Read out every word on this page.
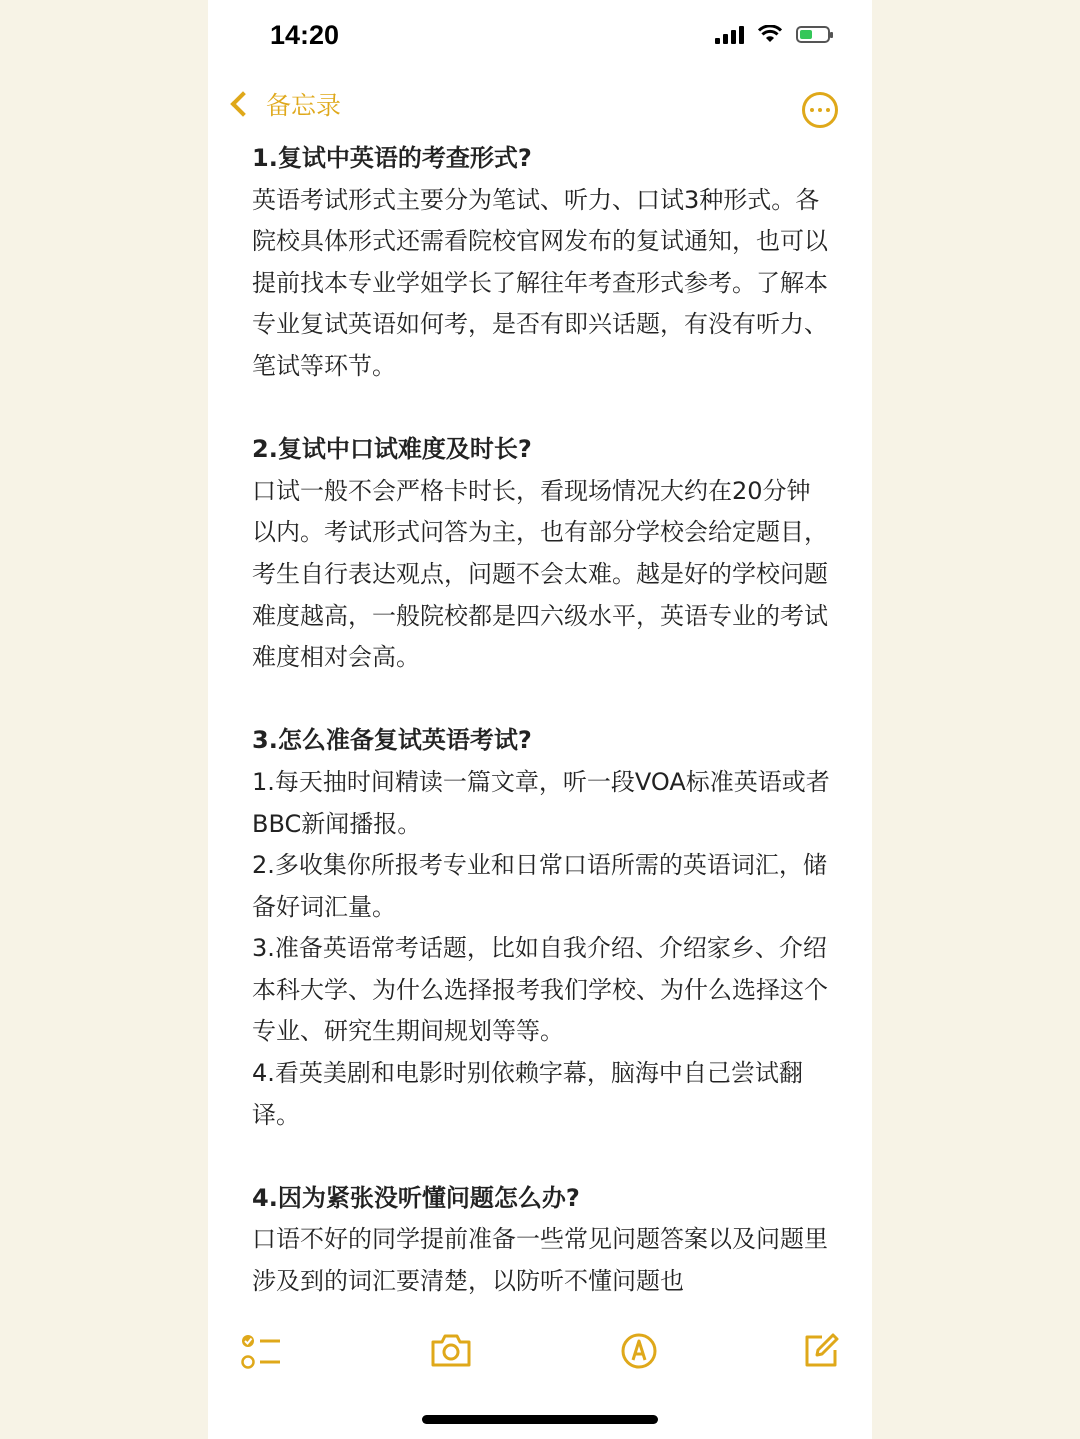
14:20
备忘录
1.复试中英语的考查形式?
英语考试形式主要分为笔试、听力、口试3种形式。各院校具体形式还需看院校官网发布的复试通知，也可以提前找本专业学姐学长了解往年考查形式参考。了解本专业复试英语如何考，是否有即兴话题，有没有听力、笔试等环节。
2.复试中口试难度及时长?
口试一般不会严格卡时长，看现场情况大约在20分钟以内。考试形式问答为主，也有部分学校会给定题目，考生自行表达观点，问题不会太难。越是好的学校问题难度越高，一般院校都是四六级水平，英语专业的考试难度相对会高。
3.怎么准备复试英语考试?
1.每天抽时间精读一篇文章，听一段VOA标准英语或者BBC新闻播报。
2.多收集你所报考专业和日常口语所需的英语词汇，储备好词汇量。
3.准备英语常考话题，比如自我介绍、介绍家乡、介绍本科大学、为什么选择报考我们学校、为什么选择这个专业、研究生期间规划等等。
4.看英美剧和电影时别依赖字幕，脑海中自己尝试翻译。
4.因为紧张没听懂问题怎么办?
口语不好的同学提前准备一些常见问题答案以及问题里涉及到的词汇要清楚，以防听不懂问题也
